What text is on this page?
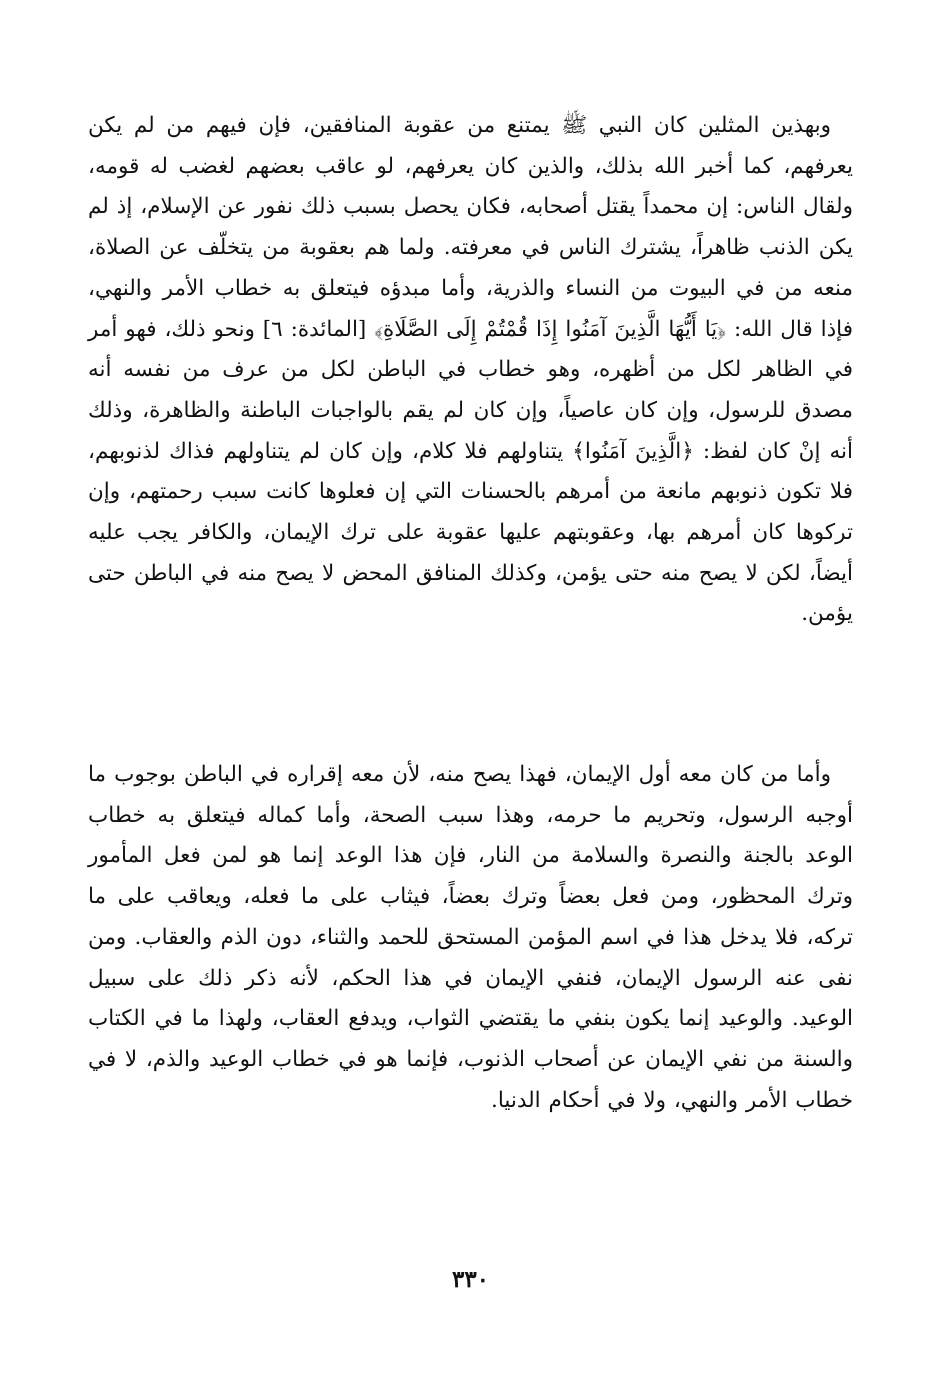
وبهذين المثلين كان النبي ﷺ يمتنع من عقوبة المنافقين، فإن فيهم من لم يكن يعرفهم، كما أخبر الله بذلك، والذين كان يعرفهم، لو عاقب بعضهم لغضب له قومه، ولقال الناس: إن محمداً يقتل أصحابه، فكان يحصل بسبب ذلك نفور عن الإسلام، إذ لم يكن الذنب ظاهراً، يشترك الناس في معرفته. ولما هم بعقوبة من يتخلّف عن الصلاة، منعه من في البيوت من النساء والذرية، وأما مبدؤه فيتعلق به خطاب الأمر والنهي، فإذا قال الله: ﴿يَا أَيُّهَا الَّذِينَ آمَنُوا إِذَا قُمْتُمْ إِلَى الصَّلَاةِ﴾ [المائدة: ٦] ونحو ذلك، فهو أمر في الظاهر لكل من أظهره، وهو خطاب في الباطن لكل من عرف من نفسه أنه مصدق للرسول، وإن كان عاصياً، وإن كان لم يقم بالواجبات الباطنة والظاهرة، وذلك أنه إنْ كان لفظ: ﴿الَّذِينَ آمَنُوا﴾ يتناولهم فلا كلام، وإن كان لم يتناولهم فذاك لذنوبهم، فلا تكون ذنوبهم مانعة من أمرهم بالحسنات التي إن فعلوها كانت سبب رحمتهم، وإن تركوها كان أمرهم بها، وعقوبتهم عليها عقوبة على ترك الإيمان، والكافر يجب عليه أيضاً، لكن لا يصح منه حتى يؤمن، وكذلك المنافق المحض لا يصح منه في الباطن حتى يؤمن.
وأما من كان معه أول الإيمان، فهذا يصح منه، لأن معه إقراره في الباطن بوجوب ما أوجبه الرسول، وتحريم ما حرمه، وهذا سبب الصحة، وأما كماله فيتعلق به خطاب الوعد بالجنة والنصرة والسلامة من النار، فإن هذا الوعد إنما هو لمن فعل المأمور وترك المحظور، ومن فعل بعضاً وترك بعضاً، فيثاب على ما فعله، ويعاقب على ما تركه، فلا يدخل هذا في اسم المؤمن المستحق للحمد والثناء، دون الذم والعقاب. ومن نفى عنه الرسول الإيمان، فنفي الإيمان في هذا الحكم، لأنه ذكر ذلك على سبيل الوعيد. والوعيد إنما يكون بنفي ما يقتضي الثواب، ويدفع العقاب، ولهذا ما في الكتاب والسنة من نفي الإيمان عن أصحاب الذنوب، فإنما هو في خطاب الوعيد والذم، لا في خطاب الأمر والنهي، ولا في أحكام الدنيا.
٣٣٠
